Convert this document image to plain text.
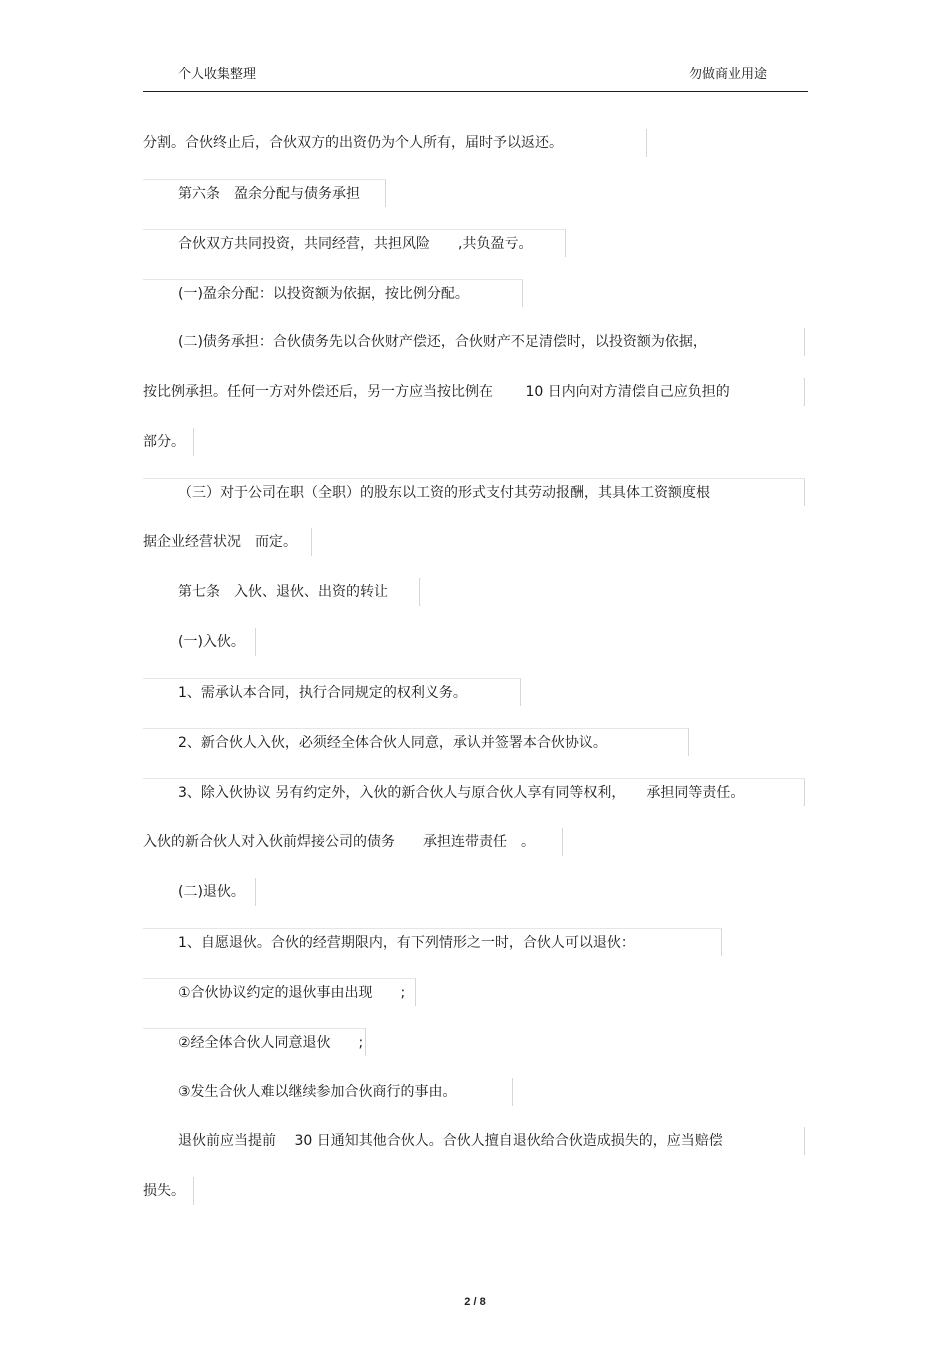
个人收集整理	勿做商业用途
分割。合伙终止后，合伙双方的出资仍为个人所有，届时予以返还。
第六条　盈余分配与债务承担
合伙双方共同投资，共同经营，共担风险　　,共负盈亏。
(一)盈余分配：以投资额为依据，按比例分配。
(二)债务承担：合伙债务先以合伙财产偿还，合伙财产不足清偿时，以投资额为依据，
按比例承担。任何一方对外偿还后，另一方应当按比例在　　 10 日内向对方清偿自己应负担的
部分。
（三）对于公司在职（全职）的股东以工资的形式支付其劳动报酬，其具体工资额度根
据企业经营状况　而定。
第七条　入伙、退伙、出资的转让
(一)入伙。
1、需承认本合同，执行合同规定的权利义务。
2、新合伙人入伙，必须经全体合伙人同意，承认并签署本合伙协议。
3、除入伙协议 另有约定外，入伙的新合伙人与原合伙人享有同等权利，　　承担同等责任。
入伙的新合伙人对入伙前焊接公司的债务　　承担连带责任　。
(二)退伙。
1、自愿退伙。合伙的经营期限内，有下列情形之一时，合伙人可以退伙：
①合伙协议约定的退伙事由出现　　;
②经全体合伙人同意退伙　　;
③发生合伙人难以继续参加合伙商行的事由。
退伙前应当提前　 30 日通知其他合伙人。合伙人擅自退伙给合伙造成损失的，应当赔偿
损失。
2 / 8
